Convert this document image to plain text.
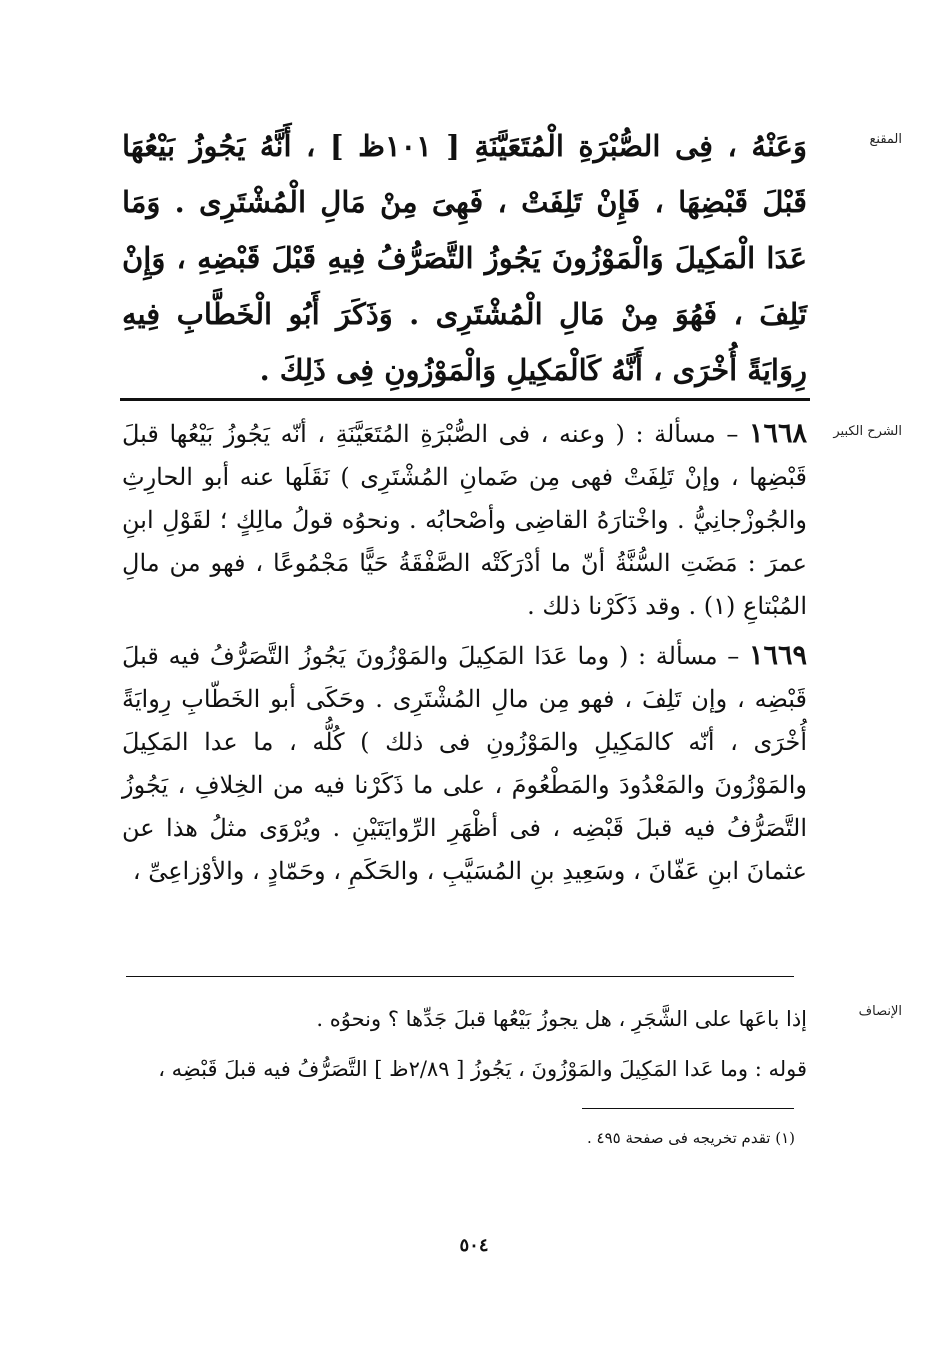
المقنع

وَعَنْهُ ، فِى الصُّبْرَةِ الْمُتَعَيَّنَةِ [ ١٠١ظ ] ، أَنَّهُ يَجُوزُ بَيْعُهَا قَبْلَ قَبْضِهَا ، فَإِنْ تَلِفَتْ ، فَهِىَ مِنْ مَالِ الْمُشْتَرِى . وَمَا عَدَا الْمَكِيلَ وَالْمَوْزُونَ يَجُوزُ التَّصَرُّفُ فِيهِ قَبْلَ قَبْضِهِ ، وَإِنْ تَلِفَ ، فَهُوَ مِنْ مَالِ الْمُشْتَرِى . وَذَكَرَ أَبُو الْخَطَّابِ فِيهِ رِوَايَةً أُخْرَى ، أَنَّهُ كَالْمَكِيلِ وَالْمَوْزُونِ فِى ذَلِكَ .

الشرح الكبير

١٦٦٨ – مسألة : ( وعنه ، فى الصُّبْرَةِ المُتَعَيَّنَةِ ، أنّه يَجُوزُ بَيْعُها قبلَ قَبْضِها ، وإنْ تَلِفَتْ فهى مِن ضَمانِ المُشْتَرِى ) نَقَلَها عنه أبو الحارِثِ والجُوزْجانِيُّ . واخْتارَهُ القاضِى وأصْحابُه . ونحوُه قولُ مالِكٍ ؛ لقَوْلِ ابنِ عمرَ : مَضَتِ السُّنَّةُ أنّ ما أدْرَكَتْه الصَّفْقَةُ حَيًّا مَجْمُوعًا ، فهو من مالِ المُبْتاعِ (١) . وقد ذَكَرْنا ذلك .

١٦٦٩ – مسألة : ( وما عَدَا المَكِيلَ والمَوْزُونَ يَجُوزُ التَّصَرُّفُ فيه قبلَ قَبْضِه ، وإن تَلِفَ ، فهو مِن مالِ المُشْتَرِى . وحَكَى أبو الخَطّابِ رِوايَةً أُخْرَى ، أنّه كالمَكِيلِ والمَوْزُونِ فى ذلك ) كُلُّه ، ما عدا المَكِيلَ والمَوْزُونَ والمَعْدُودَ والمَطْعُومَ ، على ما ذَكَرْنا فيه من الخِلافِ ، يَجُوزُ التَّصَرُّفُ فيه قبلَ قَبْضِه ، فى أظْهَرِ الرِّوايَتَيْنِ . ويُرْوَى مثلُ هذا عن عثمانَ ابنِ عَفّانَ ، وسَعِيدِ بنِ المُسَيَّبِ ، والحَكَمِ ، وحَمّادٍ ، والأوْزاعِىِّ ،

الإنصاف

إذا باعَها على الشَّجَرِ ، هل يجوزُ بَيْعُها قبلَ جَدِّها ؟ ونحوُه .

قوله : وما عَدا المَكِيلَ والمَوْزُونَ ، يَجُوزُ [ ٢/٨٩ظ ] التَّصَرُّفُ فيه قبلَ قَبْضِه ،

(١) تقدم تخريجه فى صفحة ٤٩٥ .
٥٠٤
